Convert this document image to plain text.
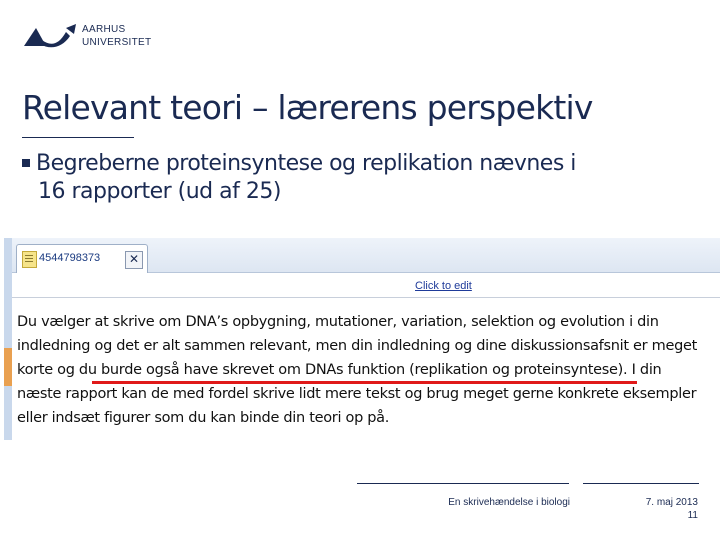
AARHUS
UNIVERSITET
Relevant teori – lærerens perspektiv
Begreberne proteinsyntese og replikation nævnes i
16 rapporter (ud af 25)
4544798373	✕
Click to edit
Du vælger at skrive om DNA’s opbygning, mutationer, variation, selektion og evolution i din
indledning og det er alt sammen relevant, men din indledning og dine diskussionsafsnit er meget
korte og du burde også have skrevet om DNAs funktion (replikation og proteinsyntese). I din
næste rapport kan de med fordel skrive lidt mere tekst og brug meget gerne konkrete eksempler
eller indsæt figurer som du kan binde din teori op på.
En skrivehændelse i biologi	7. maj 2013
11
